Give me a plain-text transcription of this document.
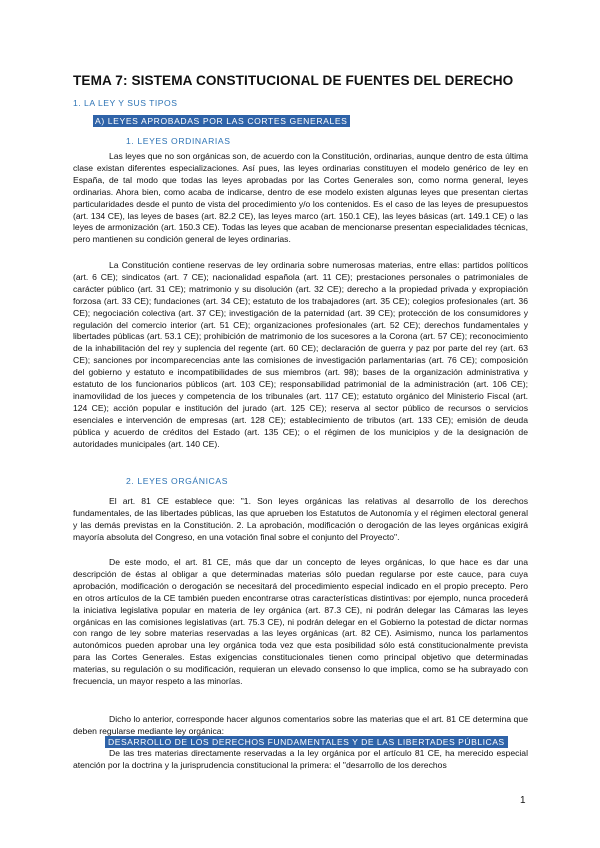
TEMA 7: SISTEMA CONSTITUCIONAL DE FUENTES DEL DERECHO
1. LA LEY Y SUS TIPOS
A) LEYES APROBADAS POR LAS CORTES GENERALES
1. LEYES ORDINARIAS

Las leyes que no son orgánicas son, de acuerdo con la Constitución, ordinarias, aunque dentro de esta última clase existan diferentes especializaciones. Así pues, las leyes ordinarias constituyen el modelo genérico de ley en España, de tal modo que todas las leyes aprobadas por las Cortes Generales son, como norma general, leyes ordinarias. Ahora bien, como acaba de indicarse, dentro de ese modelo existen algunas leyes que presentan ciertas particularidades desde el punto de vista del procedimiento y/o los contenidos. Es el caso de las leyes de presupuestos (art. 134 CE), las leyes de bases (art. 82.2 CE), las leyes marco (art. 150.1 CE), las leyes básicas (art. 149.1 CE) o las leyes de armonización (art. 150.3 CE). Todas las leyes que acaban de mencionarse presentan especialidades técnicas, pero mantienen su condición general de leyes ordinarias.

La Constitución contiene reservas de ley ordinaria sobre numerosas materias, entre ellas: partidos políticos (art. 6 CE); sindicatos (art. 7 CE); nacionalidad española (art. 11 CE); prestaciones personales o patrimoniales de carácter público (art. 31 CE); matrimonio y su disolución (art. 32 CE); derecho a la propiedad privada y expropiación forzosa (art. 33 CE); fundaciones (art. 34 CE); estatuto de los trabajadores (art. 35 CE); colegios profesionales (art. 36 CE); negociación colectiva (art. 37 CE); investigación de la paternidad (art. 39 CE); protección de los consumidores y regulación del comercio interior (art. 51 CE); organizaciones profesionales (art. 52 CE); derechos fundamentales y libertades públicas (art. 53.1 CE); prohibición de matrimonio de los sucesores a la Corona (art. 57 CE); reconocimiento de la inhabilitación del rey y suplencia del regente (art. 60 CE); declaración de guerra y paz por parte del rey (art. 63 CE); sanciones por incomparecencias ante las comisiones de investigación parlamentarias (art. 76 CE); composición del gobierno y estatuto e incompatibilidades de sus miembros (art. 98); bases de la organización administrativa y estatuto de los funcionarios públicos (art. 103 CE); responsabilidad patrimonial de la administración (art. 106 CE); inamovilidad de los jueces y competencia de los tribunales (art. 117 CE); estatuto orgánico del Ministerio Fiscal (art. 124 CE); acción popular e institución del jurado (art. 125 CE); reserva al sector público de recursos o servicios esenciales e intervención de empresas (art. 128 CE); establecimiento de tributos (art. 133 CE); emisión de deuda pública y acuerdo de créditos del Estado (art. 135 CE); o el régimen de los municipios y de la designación de autoridades municipales (art. 140 CE).

2. LEYES ORGÁNICAS

El art. 81 CE establece que: "1. Son leyes orgánicas las relativas al desarrollo de los derechos fundamentales, de las libertades públicas, las que aprueben los Estatutos de Autonomía y el régimen electoral general y las demás previstas en la Constitución. 2. La aprobación, modificación o derogación de las leyes orgánicas exigirá mayoría absoluta del Congreso, en una votación final sobre el conjunto del Proyecto".

De este modo, el art. 81 CE, más que dar un concepto de leyes orgánicas, lo que hace es dar una descripción de éstas al obligar a que determinadas materias sólo puedan regularse por este cauce, para cuya aprobación, modificación o derogación se necesitará del procedimiento especial indicado en el propio precepto. Pero en otros artículos de la CE también pueden encontrarse otras características distintivas: por ejemplo, nunca procederá la iniciativa legislativa popular en materia de ley orgánica (art. 87.3 CE), ni podrán delegar las Cámaras las leyes orgánicas en las comisiones legislativas (art. 75.3 CE), ni podrán delegar en el Gobierno la potestad de dictar normas con rango de ley sobre materias reservadas a las leyes orgánicas (art. 82 CE). Asimismo, nunca los parlamentos autonómicos pueden aprobar una ley orgánica toda vez que esta posibilidad sólo está constitucionalmente prevista para las Cortes Generales. Estas exigencias constitucionales tienen como principal objetivo que determinadas materias, su regulación o su modificación, requieran un elevado consenso lo que implica, como se ha subrayado con frecuencia, un mayor respeto a las minorías.

Dicho lo anterior, corresponde hacer algunos comentarios sobre las materias que el art. 81 CE determina que deben regularse mediante ley orgánica:

DESARROLLO DE LOS DERECHOS FUNDAMENTALES Y DE LAS LIBERTADES PÚBLICAS

De las tres materias directamente reservadas a la ley orgánica por el artículo 81 CE, ha merecido especial atención por la doctrina y la jurisprudencia constitucional la primera: el "desarrollo de los derechos

1
